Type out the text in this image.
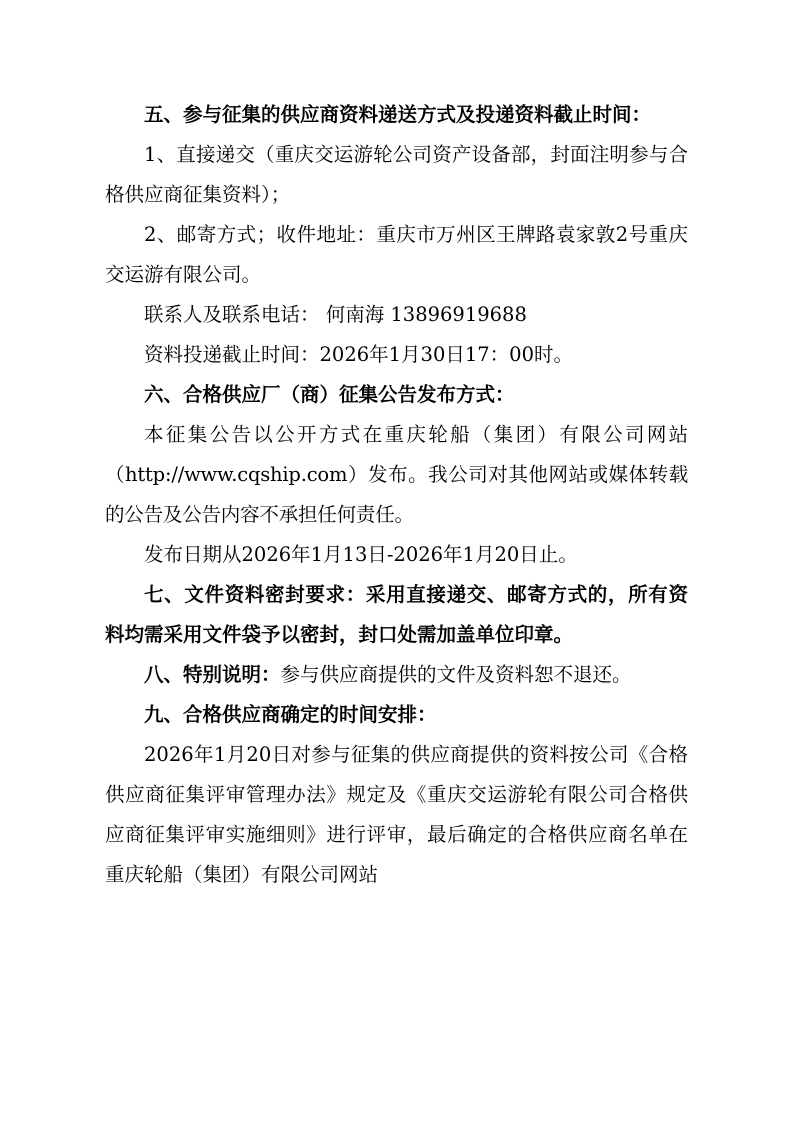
五、参与征集的供应商资料递送方式及投递资料截止时间：

1、直接递交（重庆交运游轮公司资产设备部，封面注明参与合格供应商征集资料）；

2、邮寄方式；收件地址：重庆市万州区王牌路袁家敦2号重庆交运游有限公司。

联系人及联系电话： 何南海 13896919688

资料投递截止时间：2026年1月30日17：00时。

六、合格供应厂（商）征集公告发布方式：

本征集公告以公开方式在重庆轮船（集团）有限公司网站（http://www.cqship.com）发布。我公司对其他网站或媒体转载的公告及公告内容不承担任何责任。

发布日期从2026年1月13日-2026年1月20日止。

七、文件资料密封要求：采用直接递交、邮寄方式的，所有资料均需采用文件袋予以密封，封口处需加盖单位印章。

八、特别说明：参与供应商提供的文件及资料恕不退还。

九、合格供应商确定的时间安排：

2026年1月20日对参与征集的供应商提供的资料按公司《合格供应商征集评审管理办法》规定及《重庆交运游轮有限公司合格供应商征集评审实施细则》进行评审，最后确定的合格供应商名单在重庆轮船（集团）有限公司网站
